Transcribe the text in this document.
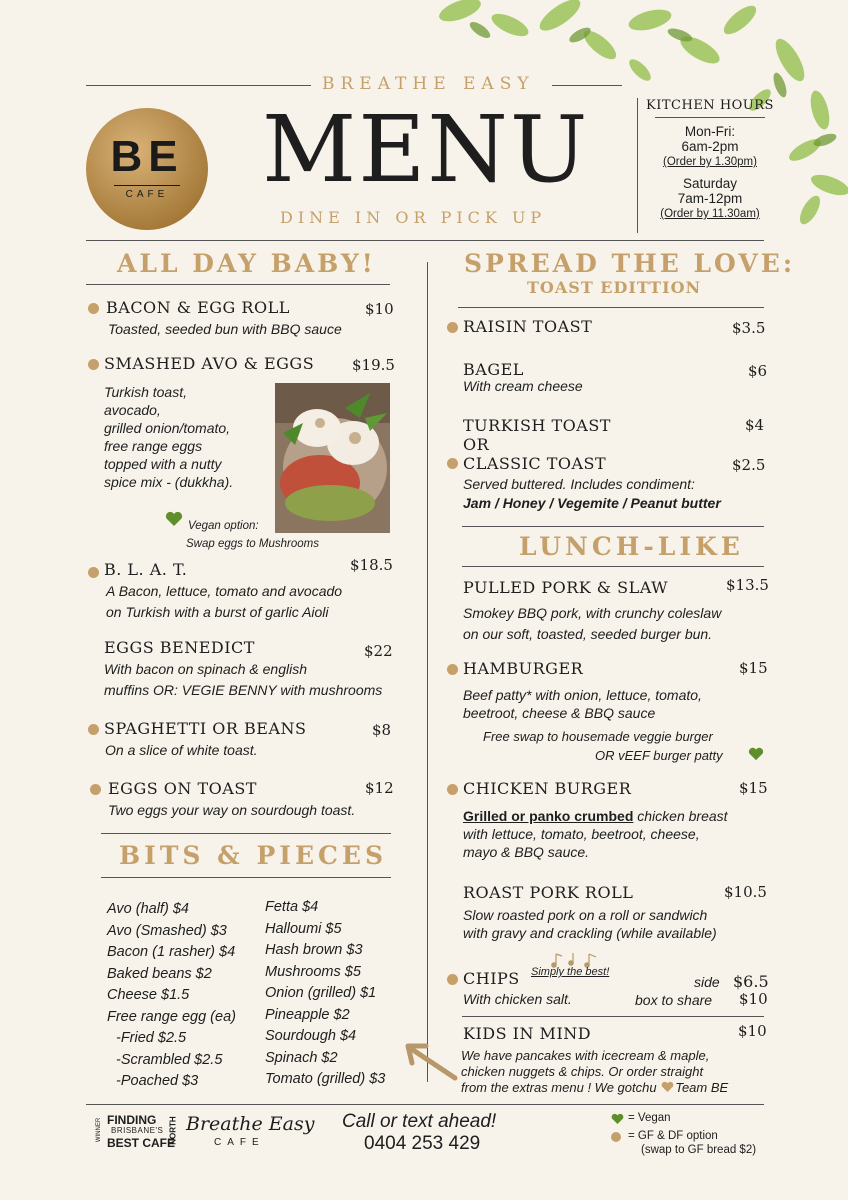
BREATHE EASY
BE
CAFE	MENU
DINE IN OR PICK UP
KITCHEN HOURS
Mon-Fri:
6am-2pm
(Order by 1.30pm)
Saturday
7am-12pm
(Order by 11.30am)
ALL DAY BABY!
BACON & EGG ROLL	$10
Toasted, seeded bun with BBQ sauce
SMASHED AVO & EGGS	$19.5
Turkish toast,
avocado,
grilled onion/tomato,
free range eggs
topped with a nutty
spice mix - (dukkha).
Vegan option:
Swap eggs to Mushrooms
B. L. A. T.	$18.5
A Bacon, lettuce, tomato and avocado
on Turkish with a burst of garlic Aioli
EGGS BENEDICT	$22
With bacon on spinach & english
muffins OR: VEGIE BENNY with mushrooms
SPAGHETTI OR BEANS	$8
On a slice of white toast.
EGGS ON TOAST	$12
Two eggs your way on sourdough toast.
BITS & PIECES
Avo (half) $4
Avo (Smashed) $3
Bacon (1 rasher) $4
Baked beans $2
Cheese $1.5
Free range egg (ea)
-Fried $2.5
-Scrambled $2.5
-Poached $3
Fetta $4
Halloumi $5
Hash brown $3
Mushrooms $5
Onion (grilled) $1
Pineapple $2
Sourdough $4
Spinach $2
Tomato (grilled) $3
SPREAD THE LOVE:
TOAST EDITTION
RAISIN TOAST	$3.5
BAGEL	$6
With cream cheese
TURKISH TOAST	$4
OR
CLASSIC TOAST	$2.5
Served buttered. Includes condiment:
Jam / Honey / Vegemite / Peanut butter
LUNCH-LIKE
PULLED PORK & SLAW	$13.5
Smokey BBQ pork, with crunchy coleslaw
on our soft, toasted, seeded burger bun.
HAMBURGER	$15
Beef patty* with onion, lettuce, tomato,
beetroot, cheese & BBQ sauce
Free swap to housemade veggie burger
OR vEEF burger patty
CHICKEN BURGER	$15
Grilled or panko crumbed chicken breast
with lettuce, tomato, beetroot, cheese,
mayo & BBQ sauce.
ROAST PORK ROLL	$10.5
Slow roasted pork on a roll or sandwich
with gravy and crackling (while available)
CHIPS Simply the best!
With chicken salt.
side $6.5
box to share $10
KIDS IN MIND	$10
We have pancakes with icecream & maple,
chicken nuggets & chips. Or order straight
from the extras menu ! We gotchu Team BE
WINNER FINDING
BRISBANE'S
BEST CAFE
NORTH Breathe Easy
CAFE
Call or text ahead!
0404 253 429
= Vegan
= GF & DF option
(swap to GF bread $2)
